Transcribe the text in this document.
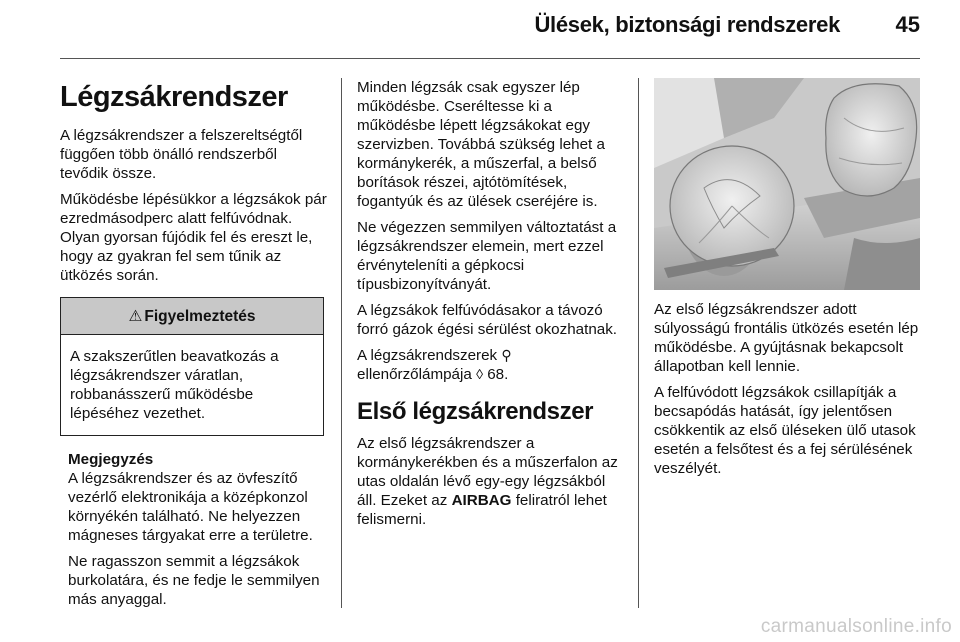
Ülések, biztonsági rendszerek	45
Légzsákrendszer

A légzsákrendszer a felszereltségtől függően több önálló rendszerből tevődik össze.

Működésbe lépésükkor a légzsákok pár ezredmásodperc alatt felfúvódnak. Olyan gyorsan fújódik fel és ereszt le, hogy az gyakran fel sem tűnik az ütközés során.

⚠ Figyelmeztetés
A szakszerűtlen beavatkozás a légzsákrendszer váratlan, robbanásszerű működésbe lépéséhez vezethet.
Megjegyzés

A légzsákrendszer és az övfeszítő vezérlő elektronikája a középkonzol környékén található. Ne helyezzen mágneses tárgyakat erre a területre.

Ne ragasszon semmit a légzsákok burkolatára, és ne fedje le semmilyen más anyaggal.

Minden légzsák csak egyszer lép működésbe. Cseréltesse ki a működésbe lépett légzsákokat egy szervizben. Továbbá szükség lehet a kormánykerék, a műszerfal, a belső borítások részei, ajtótömítések, fogantyúk és az ülések cseréjére is.

Ne végezzen semmilyen változtatást a légzsákrendszer elemein, mert ezzel érvényteleníti a gépkocsi típusbizonyítványát.

A légzsákok felfúvódásakor a távozó forró gázok égési sérülést okozhatnak.

A légzsákrendszerek ⚲ ellenőrzőlámpája ◊ 68.

Első légzsákrendszer

Az első légzsákrendszer a kormánykerékben és a műszerfalon az utas oldalán lévő egy-egy légzsákból áll. Ezeket az AIRBAG feliratról lehet felismerni.

Az első légzsákrendszer adott súlyosságú frontális ütközés esetén lép működésbe. A gyújtásnak bekapcsolt állapotban kell lennie.

A felfúvódott légzsákok csillapítják a becsapódás hatását, így jelentősen csökkentik az első üléseken ülő utasok esetén a felsőtest és a fej sérülésének veszélyét.

carmanualsonline.info
